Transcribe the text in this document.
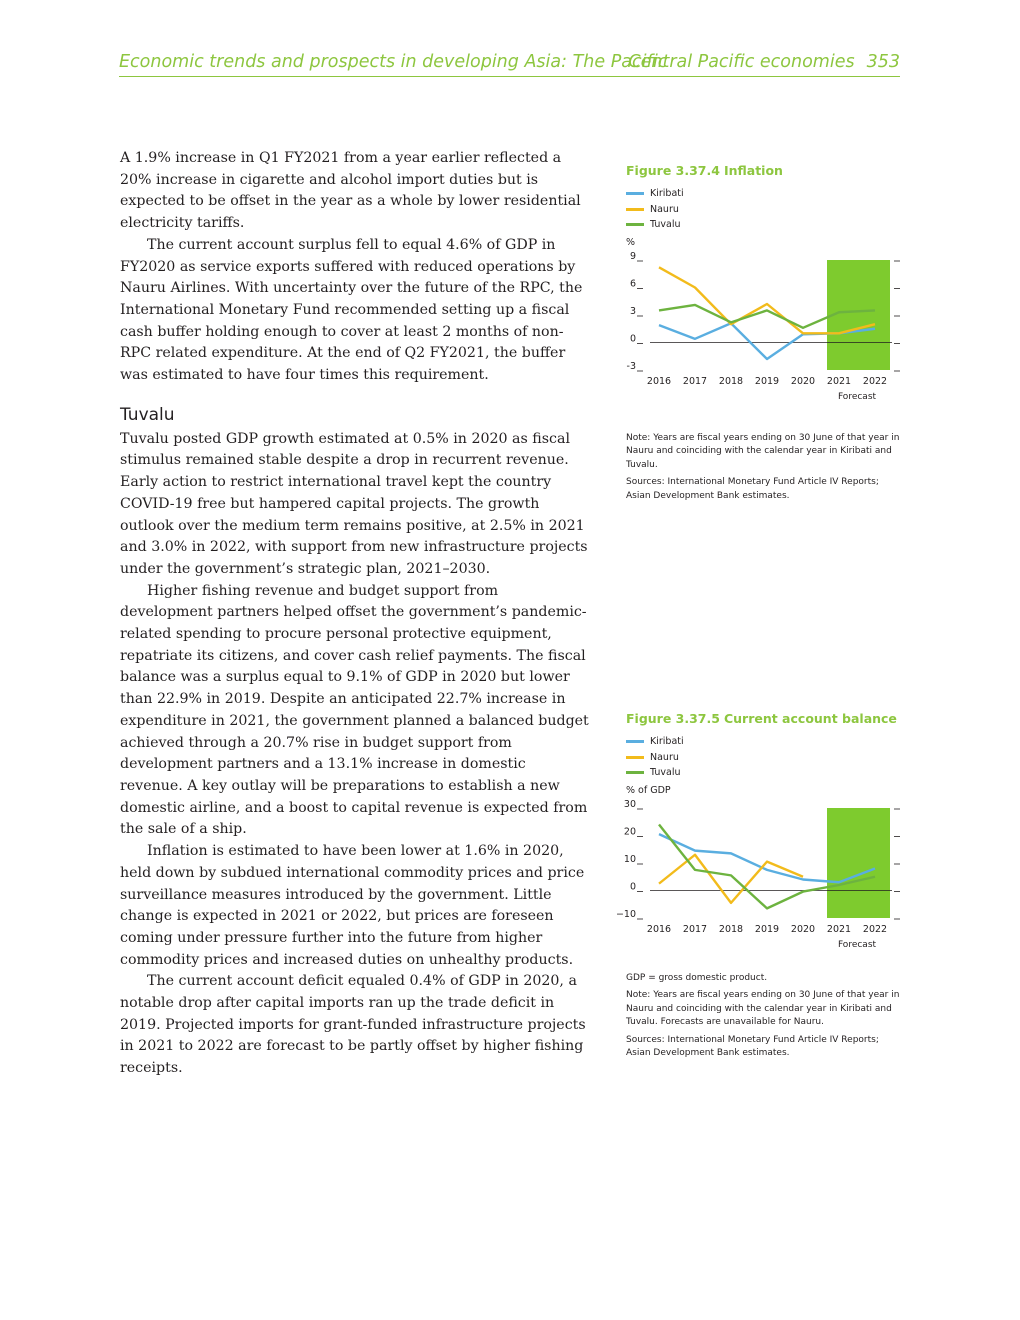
Economic trends and prospects in developing Asia: The Pacific
Central Pacific economies 353

A 1.9% increase in Q1 FY2021 from a year earlier reflected a 20% increase in cigarette and alcohol import duties but is expected to be offset in the year as a whole by lower residential electricity tariffs.

The current account surplus fell to equal 4.6% of GDP in FY2020 as service exports suffered with reduced operations by Nauru Airlines. With uncertainty over the future of the RPC, the International Monetary Fund recommended setting up a fiscal cash buffer holding enough to cover at least 2 months of non-RPC related expenditure. At the end of Q2 FY2021, the buffer was estimated to have four times this requirement.

Tuvalu

Tuvalu posted GDP growth estimated at 0.5% in 2020 as fiscal stimulus remained stable despite a drop in recurrent revenue. Early action to restrict international travel kept the country COVID-19 free but hampered capital projects. The growth outlook over the medium term remains positive, at 2.5% in 2021 and 3.0% in 2022, with support from new infrastructure projects under the government’s strategic plan, 2021–2030.

Higher fishing revenue and budget support from development partners helped offset the government’s pandemic-related spending to procure personal protective equipment, repatriate its citizens, and cover cash relief payments. The fiscal balance was a surplus equal to 9.1% of GDP in 2020 but lower than 22.9% in 2019. Despite an anticipated 22.7% increase in expenditure in 2021, the government planned a balanced budget achieved through a 20.7% rise in budget support from development partners and a 13.1% increase in domestic revenue. A key outlay will be preparations to establish a new domestic airline, and a boost to capital revenue is expected from the sale of a ship.

Inflation is estimated to have been lower at 1.6% in 2020, held down by subdued international commodity prices and price surveillance measures introduced by the government. Little change is expected in 2021 or 2022, but prices are foreseen coming under pressure further into the future from higher commodity prices and increased duties on unhealthy products.

The current account deficit equaled 0.4% of GDP in 2020, a notable drop after capital imports ran up the trade deficit in 2019. Projected imports for grant-funded infrastructure projects in 2021 to 2022 are forecast to be partly offset by higher fishing receipts.

Figure 3.37.4 Inflation
Kiribati
Nauru
Tuvalu
%
9
6
3
0
-3
2016 2017 2018 2019 2020 2021 2022
Forecast

Note: Years are fiscal years ending on 30 June of that year in Nauru and coinciding with the calendar year in Kiribati and Tuvalu.

Sources: International Monetary Fund Article IV Reports; Asian Development Bank estimates.

Figure 3.37.5 Current account balance
Kiribati
Nauru
Tuvalu
% of GDP
30
20
10
0
−10
2016 2017 2018 2019 2020 2021 2022
Forecast

GDP = gross domestic product.

Note: Years are fiscal years ending on 30 June of that year in Nauru and coinciding with the calendar year in Kiribati and Tuvalu. Forecasts are unavailable for Nauru.

Sources: International Monetary Fund Article IV Reports; Asian Development Bank estimates.
